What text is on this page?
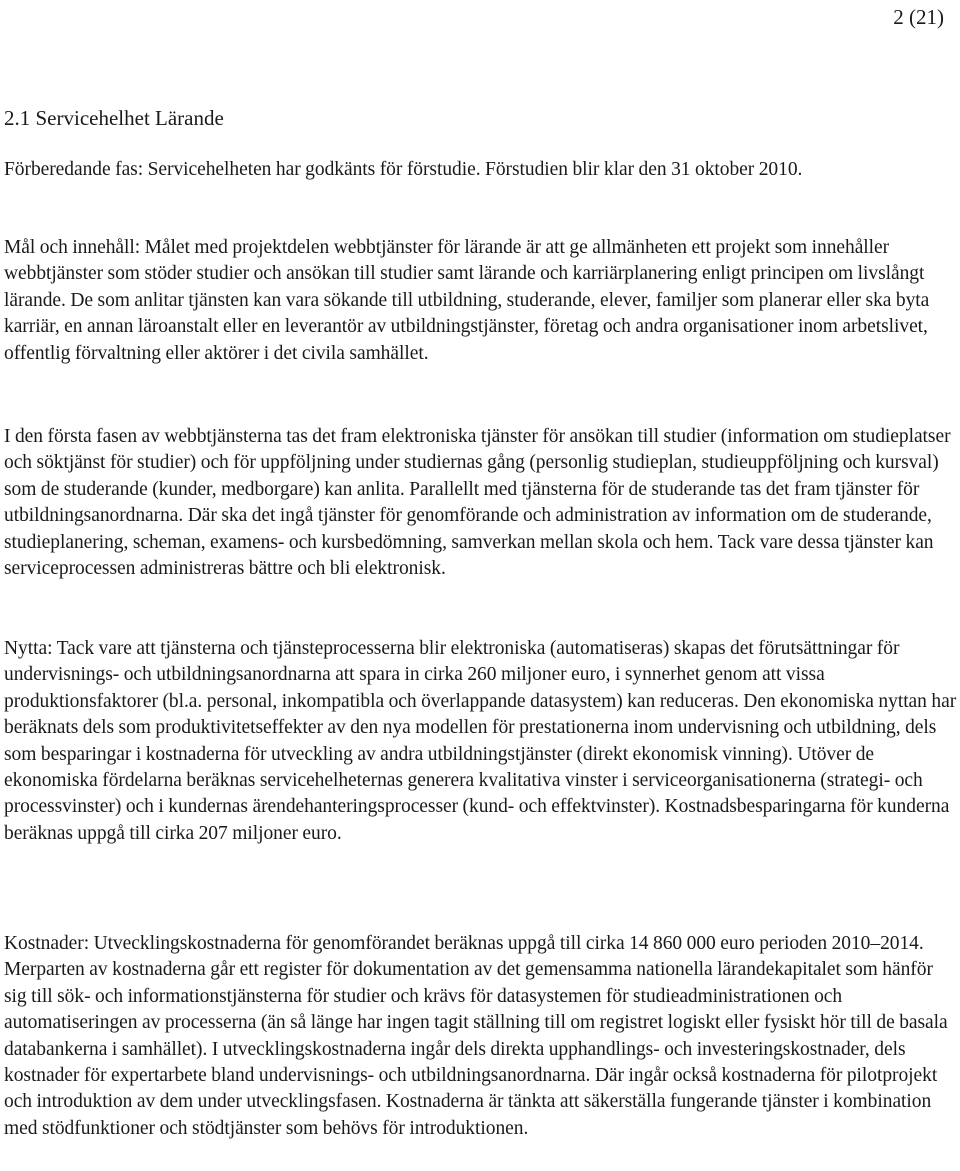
2 (21)

2.1 Servicehelhet Lärande

Förberedande fas: Servicehelheten har godkänts för förstudie. Förstudien blir klar den 31 oktober 2010.

Mål och innehåll: Målet med projektdelen webbtjänster för lärande är att ge allmänheten ett projekt som innehåller webbtjänster som stöder studier och ansökan till studier samt lärande och karriärplanering enligt principen om livslångt lärande. De som anlitar tjänsten kan vara sökande till utbildning, studerande, elever, familjer som planerar eller ska byta karriär, en annan läroanstalt eller en leverantör av utbildningstjänster, företag och andra organisationer inom arbetslivet, offentlig förvaltning eller aktörer i det civila samhället.

I den första fasen av webbtjänsterna tas det fram elektroniska tjänster för ansökan till studier (information om studieplatser och söktjänst för studier) och för uppföljning under studiernas gång (personlig studieplan, studieuppföljning och kursval) som de studerande (kunder, medborgare) kan anlita. Parallellt med tjänsterna för de studerande tas det fram tjänster för utbildningsanordnarna. Där ska det ingå tjänster för genomförande och administration av information om de studerande, studieplanering, scheman, examens- och kursbedömning, samverkan mellan skola och hem. Tack vare dessa tjänster kan serviceprocessen administreras bättre och bli elektronisk.

Nytta: Tack vare att tjänsterna och tjänsteprocesserna blir elektroniska (automatiseras) skapas det förutsättningar för undervisnings- och utbildningsanordnarna att spara in cirka 260 miljoner euro, i synnerhet genom att vissa produktionsfaktorer (bl.a. personal, inkompatibla och överlappande datasystem) kan reduceras. Den ekonomiska nyttan har beräknats dels som produktivitetseffekter av den nya modellen för prestationerna inom undervisning och utbildning, dels som besparingar i kostnaderna för utveckling av andra utbildningstjänster (direkt ekonomisk vinning). Utöver de ekonomiska fördelarna beräknas servicehelheternas generera kvalitativa vinster i serviceorganisationerna (strategi- och processvinster) och i kundernas ärendehanteringsprocesser (kund- och effektvinster). Kostnadsbesparingarna för kunderna beräknas uppgå till cirka 207 miljoner euro.

Kostnader: Utvecklingskostnaderna för genomförandet beräknas uppgå till cirka 14 860 000 euro perioden 2010–2014. Merparten av kostnaderna går ett register för dokumentation av det gemensamma nationella lärandekapitalet som hänför sig till sök- och informationstjänsterna för studier och krävs för datasystemen för studieadministrationen och automatiseringen av processerna (än så länge har ingen tagit ställning till om registret logiskt eller fysiskt hör till de basala databankerna i samhället). I utvecklingskostnaderna ingår dels direkta upphandlings- och investeringskostnader, dels kostnader för expertarbete bland undervisnings- och utbildningsanordnarna. Där ingår också kostnaderna för pilotprojekt och introduktion av dem under utvecklingsfasen. Kostnaderna är tänkta att säkerställa fungerande tjänster i kombination med stödfunktioner och stödtjänster som behövs för introduktionen.
